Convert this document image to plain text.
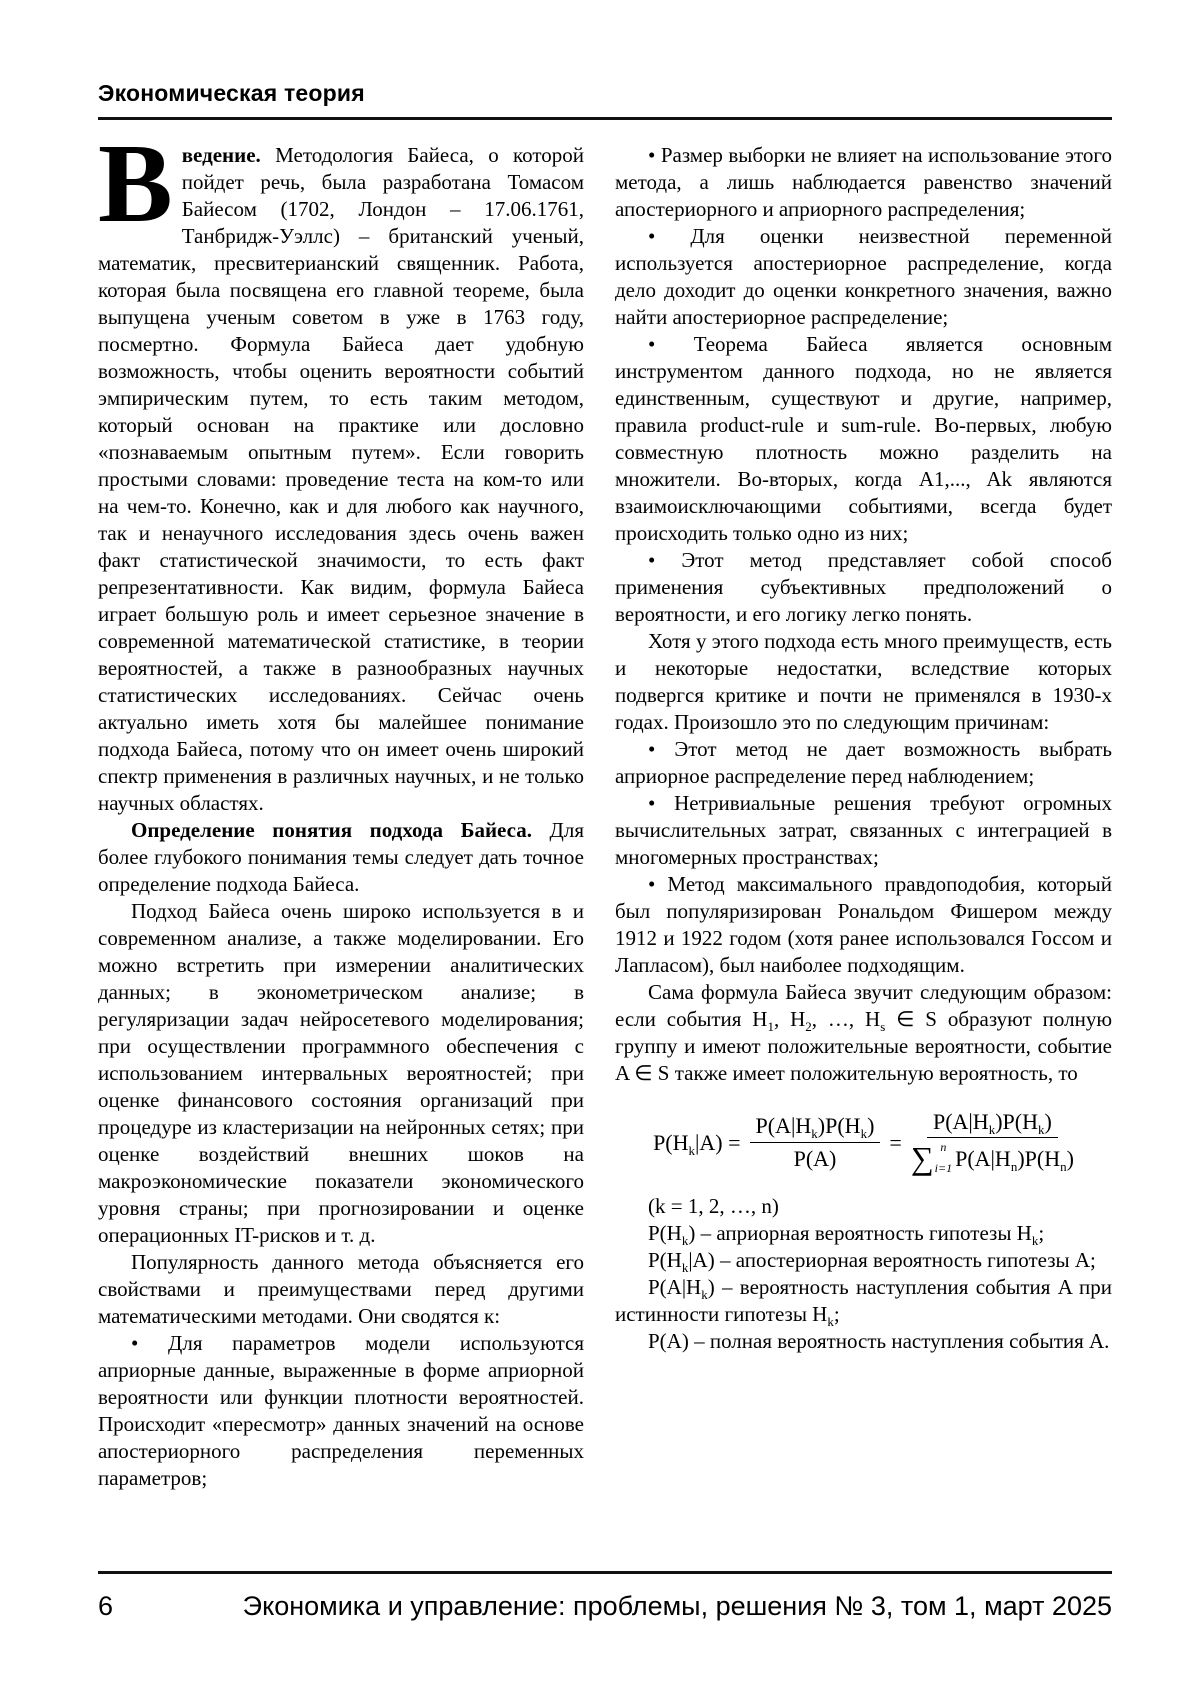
Экономическая теория

Введение. Методология Байеса, о которой пойдет речь, была разработана Томасом Байесом (1702, Лондон – 17.06.1761, Танбридж-Уэллс) – британский ученый, математик, пресвитерианский священник. Работа, которая была посвящена его главной теореме, была выпущена ученым советом в уже в 1763 году, посмертно. Формула Байеса дает удобную возможность, чтобы оценить вероятности событий эмпирическим путем, то есть таким методом, который основан на практике или дословно «познаваемым опытным путем». Если говорить простыми словами: проведение теста на ком-то или на чем-то. Конечно, как и для любого как научного, так и ненаучного исследования здесь очень важен факт статистической значимости, то есть факт репрезентативности. Как видим, формула Байеса играет большую роль и имеет серьезное значение в современной математической статистике, в теории вероятностей, а также в разнообразных научных статистических исследованиях. Сейчас очень актуально иметь хотя бы малейшее понимание подхода Байеса, потому что он имеет очень широкий спектр применения в различных научных, и не только научных областях.

Определение понятия подхода Байеса. Для более глубокого понимания темы следует дать точное определение подхода Байеса.

Подход Байеса очень широко используется в и современном анализе, а также моделировании. Его можно встретить при измерении аналитических данных; в эконометрическом анализе; в регуляризации задач нейросетевого моделирования; при осуществлении программного обеспечения с использованием интервальных вероятностей; при оценке финансового состояния организаций при процедуре из кластеризации на нейронных сетях; при оценке воздействий внешних шоков на макроэкономические показатели экономического уровня страны; при прогнозировании и оценке операционных IT-рисков и т. д.

Популярность данного метода объясняется его свойствами и преимуществами перед другими математическими методами. Они сводятся к:

• Для параметров модели используются априорные данные, выраженные в форме априорной вероятности или функции плотности вероятностей. Происходит «пересмотр» данных значений на основе апостериорного распределения переменных параметров;

• Размер выборки не влияет на использование этого метода, а лишь наблюдается равенство значений апостериорного и априорного распределения;

• Для оценки неизвестной переменной используется апостериорное распределение, когда дело доходит до оценки конкретного значения, важно найти апостериорное распределение;

• Теорема Байеса является основным инструментом данного подхода, но не является единственным, существуют и другие, например, правила product-rule и sum-rule. Во-первых, любую совместную плотность можно разделить на множители. Во-вторых, когда A1,..., Ak являются взаимоисключающими событиями, всегда будет происходить только одно из них;

• Этот метод представляет собой способ применения субъективных предположений о вероятности, и его логику легко понять.

Хотя у этого подхода есть много преимуществ, есть и некоторые недостатки, вследствие которых подвергся критике и почти не применялся в 1930-х годах. Произошло это по следующим причинам:

• Этот метод не дает возможность выбрать априорное распределение перед наблюдением;

• Нетривиальные решения требуют огромных вычислительных затрат, связанных с интеграцией в многомерных пространствах;

• Метод максимального правдоподобия, который был популяризирован Рональдом Фишером между 1912 и 1922 годом (хотя ранее использовался Госсом и Лапласом), был наиболее подходящим.

Сама формула Байеса звучит следующим образом: если события $H_1$, $H_2$, …, $H_s$ ∈ S образуют полную группу и имеют положительные вероятности, событие A ∈ S также имеет положительную вероятность, то

$P(H_k|A) = \frac{P(A|H_k)P(H_k)}{P(A)}$ =
$P(A|H_k)P(H_k)$
∑ n
i=1 $P(A|H_n)P(H_n)$

(k = 1, 2, …, n)

$P(H_k)$ – априорная вероятность гипотезы $H_k$;

$P(H_k|A)$ – апостериорная вероятность гипотезы A;

$P(A|H_k)$ – вероятность наступления события A при истинности гипотезы $H_k$;

P(A) – полная вероятность наступления события A.

6	Экономика и управление: проблемы, решения № 3, том 1, март 2025
